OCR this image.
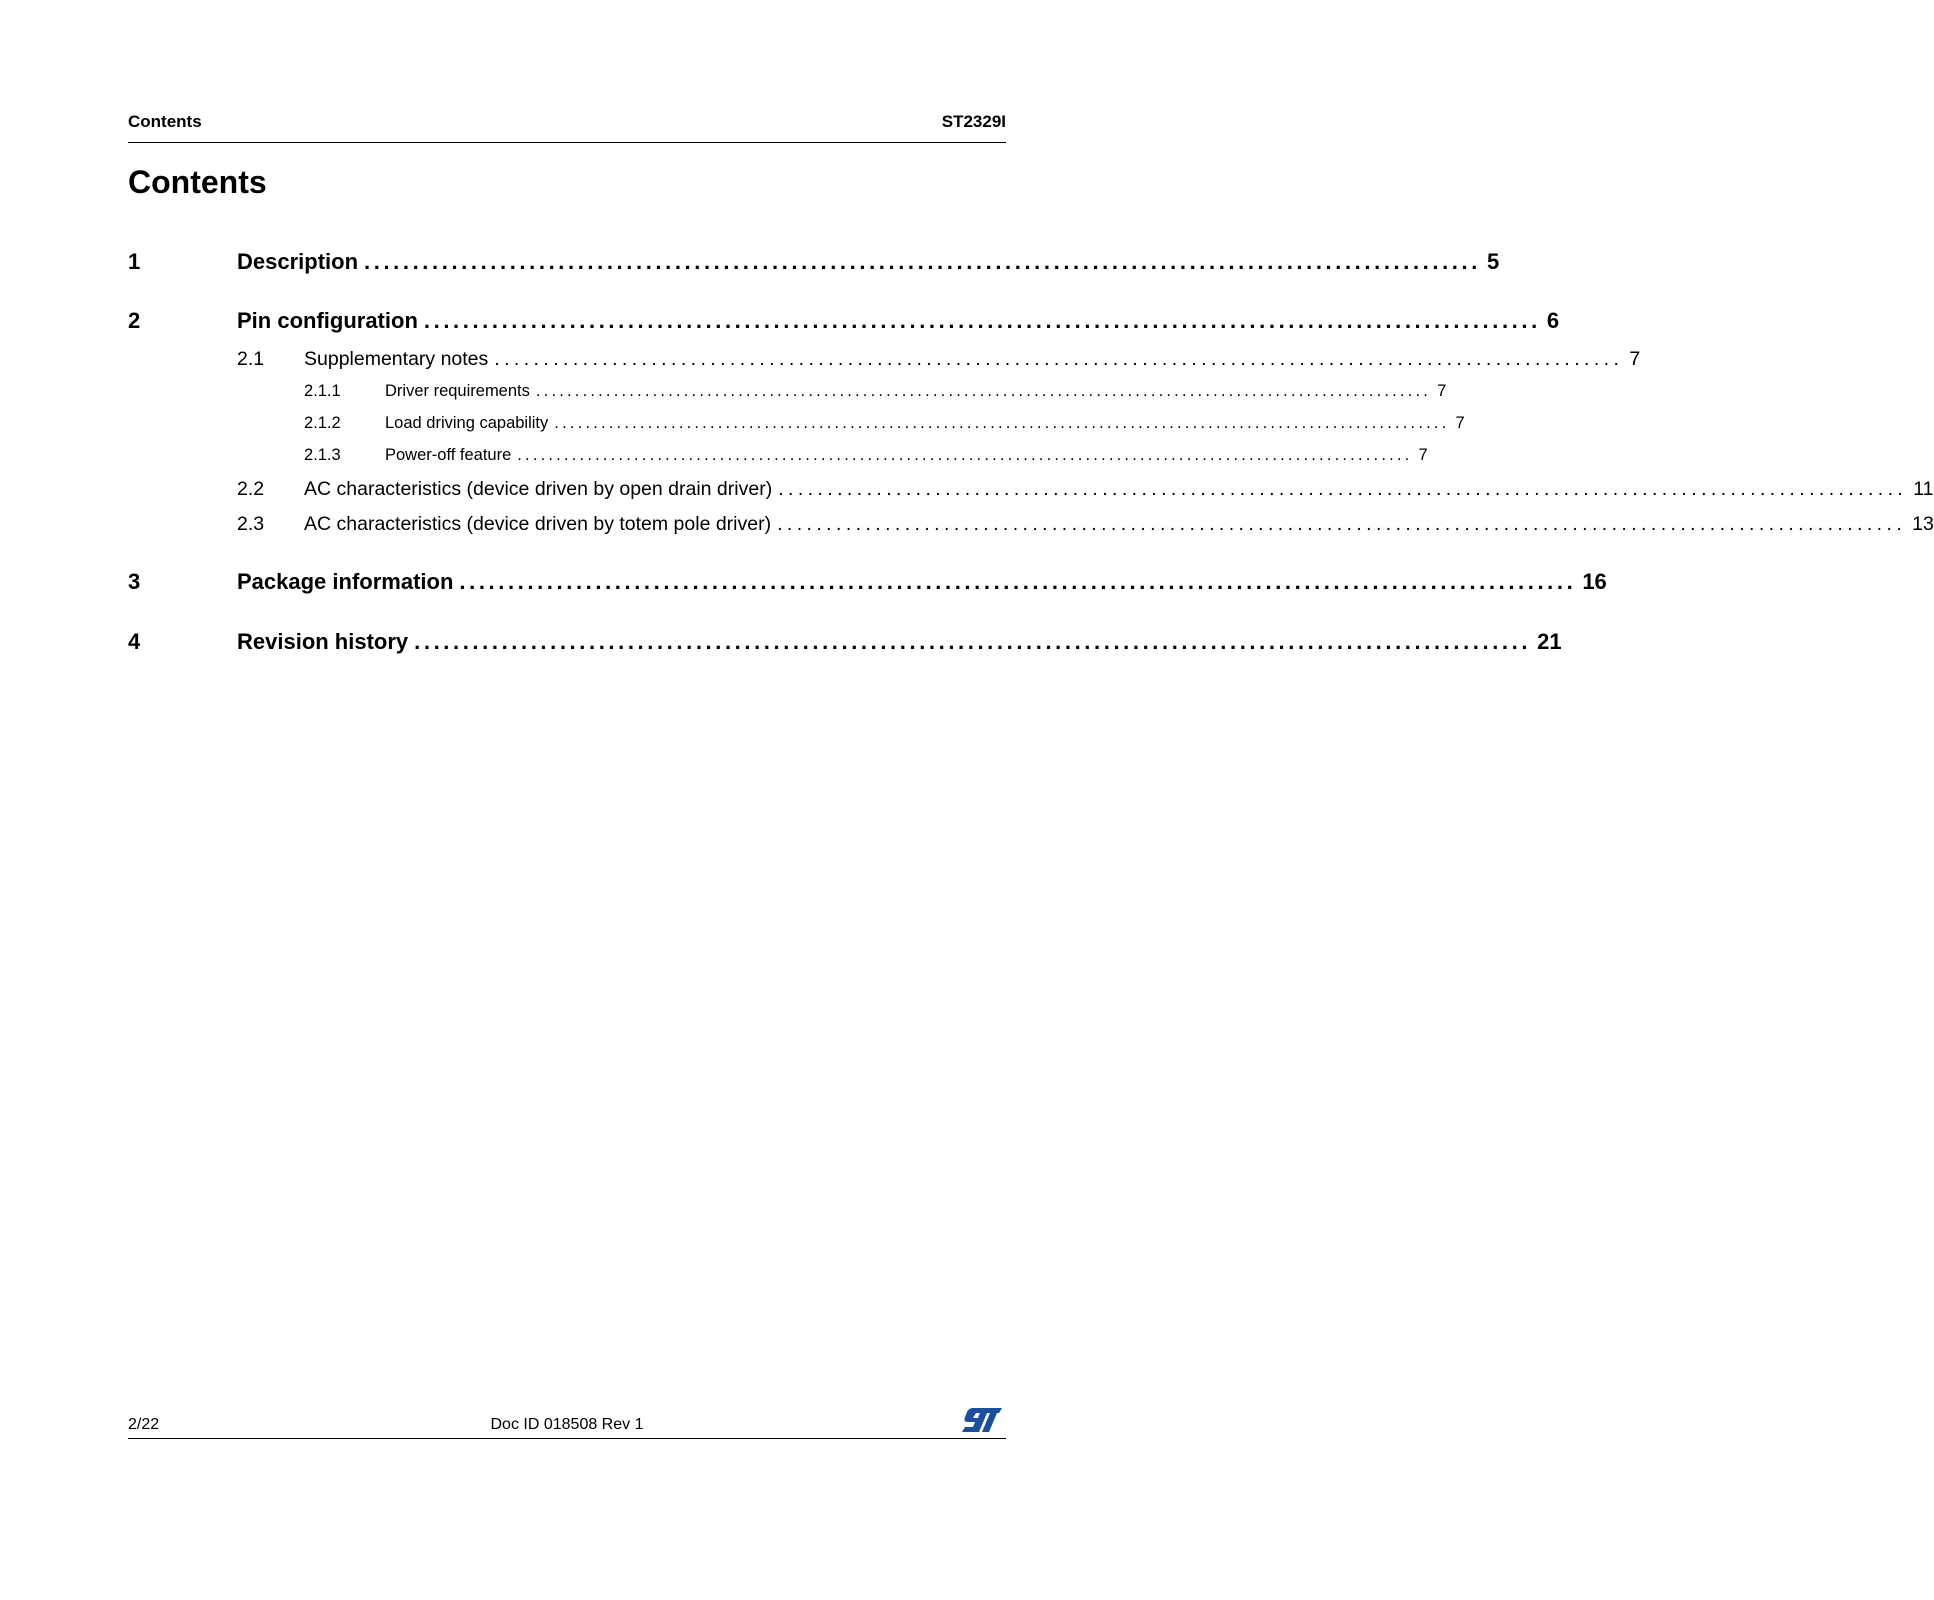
Contents	ST2329I
Contents
1	Description ................................................................................................................... 5
2	Pin configuration ................................................................................................................... 6
2.1 Supplementary notes ................................................................................................................... 7
2.1.1	Driver requirements ................................................................................................................... 7
2.1.2	Load driving capability ................................................................................................................... 7
2.1.3	Power-off feature ................................................................................................................... 7
2.2 AC characteristics (device driven by open drain driver) ................................................................................................................... 11
2.3 AC characteristics (device driven by totem pole driver) ................................................................................................................... 13
3	Package information ................................................................................................................... 16
4	Revision history ................................................................................................................... 21
2/22	Doc ID 018508 Rev 1
